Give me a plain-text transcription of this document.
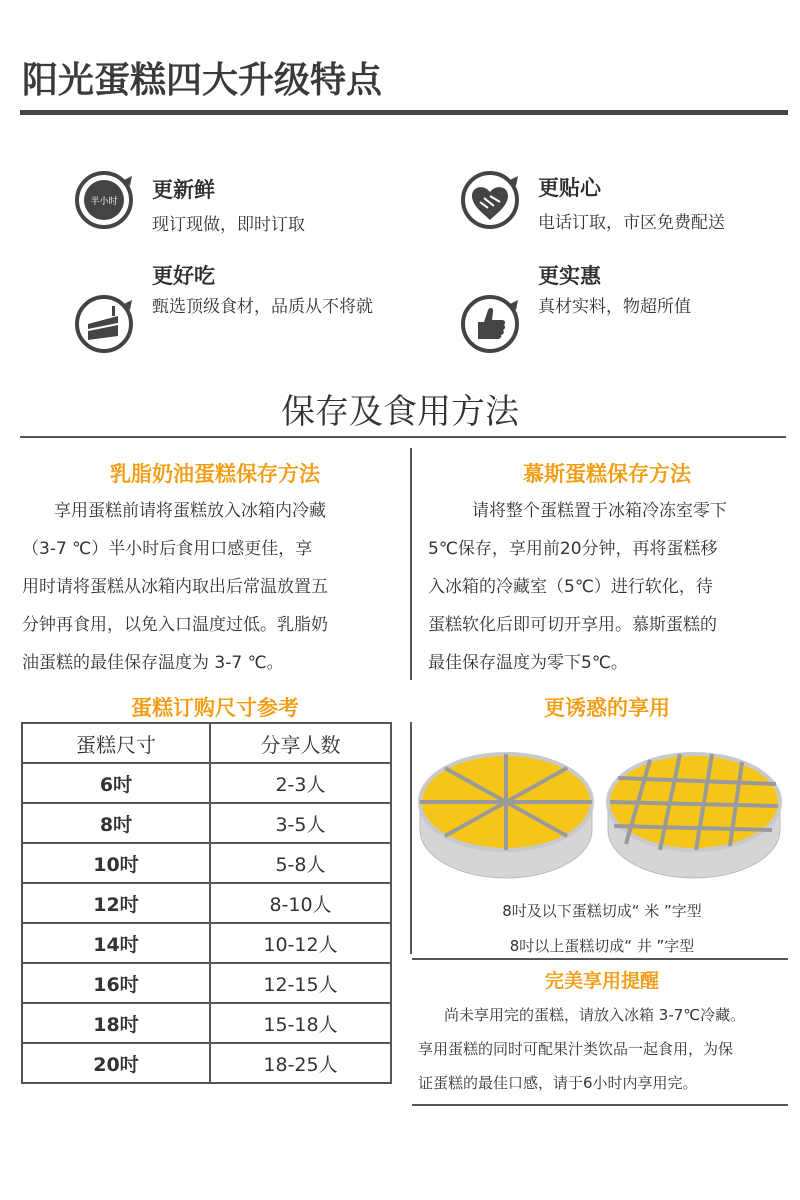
阳光蛋糕四大升级特点
半小时 更新鲜
现订现做，即时订取
更贴心
电话订取，市区免费配送
更好吃
甄选顶级食材，品质从不将就
更实惠
真材实料，物超所值
保存及食用方法
乳脂奶油蛋糕保存方法
享用蛋糕前请将蛋糕放入冰箱内冷藏
（3-7 ℃）半小时后食用口感更佳，享
用时请将蛋糕从冰箱内取出后常温放置五
分钟再食用，以免入口温度过低。乳脂奶
油蛋糕的最佳保存温度为 3-7 ℃。
慕斯蛋糕保存方法
请将整个蛋糕置于冰箱冷冻室零下
5℃保存，享用前20分钟，再将蛋糕移
入冰箱的冷藏室（5℃）进行软化，待
蛋糕软化后即可切开享用。慕斯蛋糕的
最佳保存温度为零下5℃。
蛋糕订购尺寸参考
蛋糕尺寸	分享人数
6吋	2-3人
8吋	3-5人
10吋	5-8人
12吋	8-10人
14吋	10-12人
16吋	12-15人
18吋	15-18人
20吋	18-25人
更诱惑的享用
8吋及以下蛋糕切成“ 米 ”字型
8吋以上蛋糕切成“ 井 ”字型
完美享用提醒
尚未享用完的蛋糕，请放入冰箱 3-7℃冷藏。
享用蛋糕的同时可配果汁类饮品一起食用，为保
证蛋糕的最佳口感，请于6小时内享用完。
